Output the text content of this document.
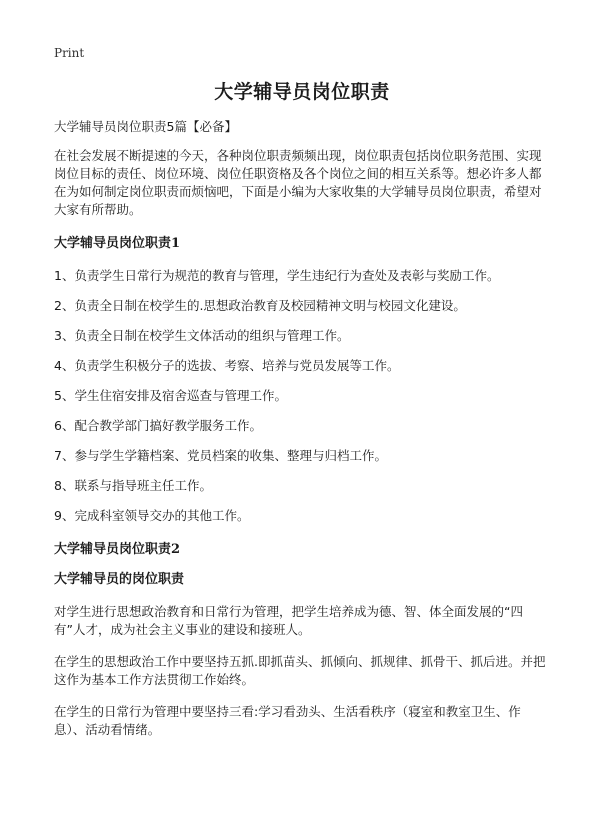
Print
大学辅导员岗位职责

大学辅导员岗位职责5篇【必备】

在社会发展不断提速的今天，各种岗位职责频频出现，岗位职责包括岗位职务范围、实现岗位目标的责任、岗位环境、岗位任职资格及各个岗位之间的相互关系等。想必许多人都在为如何制定岗位职责而烦恼吧，下面是小编为大家收集的大学辅导员岗位职责，希望对大家有所帮助。

大学辅导员岗位职责1
1、负责学生日常行为规范的教育与管理，学生违纪行为查处及表彰与奖励工作。
2、负责全日制在校学生的.思想政治教育及校园精神文明与校园文化建设。
3、负责全日制在校学生文体活动的组织与管理工作。
4、负责学生积极分子的选拔、考察、培养与党员发展等工作。
5、学生住宿安排及宿舍巡查与管理工作。
6、配合教学部门搞好教学服务工作。
7、参与学生学籍档案、党员档案的收集、整理与归档工作。
8、联系与指导班主任工作。
9、完成科室领导交办的其他工作。
大学辅导员岗位职责2
大学辅导员的岗位职责

对学生进行思想政治教育和日常行为管理，把学生培养成为德、智、体全面发展的“四有”人才，成为社会主义事业的建设和接班人。

在学生的思想政治工作中要坚持五抓.即抓苗头、抓倾向、抓规律、抓骨干、抓后进。并把这作为基本工作方法贯彻工作始终。

在学生的日常行为管理中要坚持三看:学习看劲头、生活看秩序（寝室和教室卫生、作息）、活动看情绪。
